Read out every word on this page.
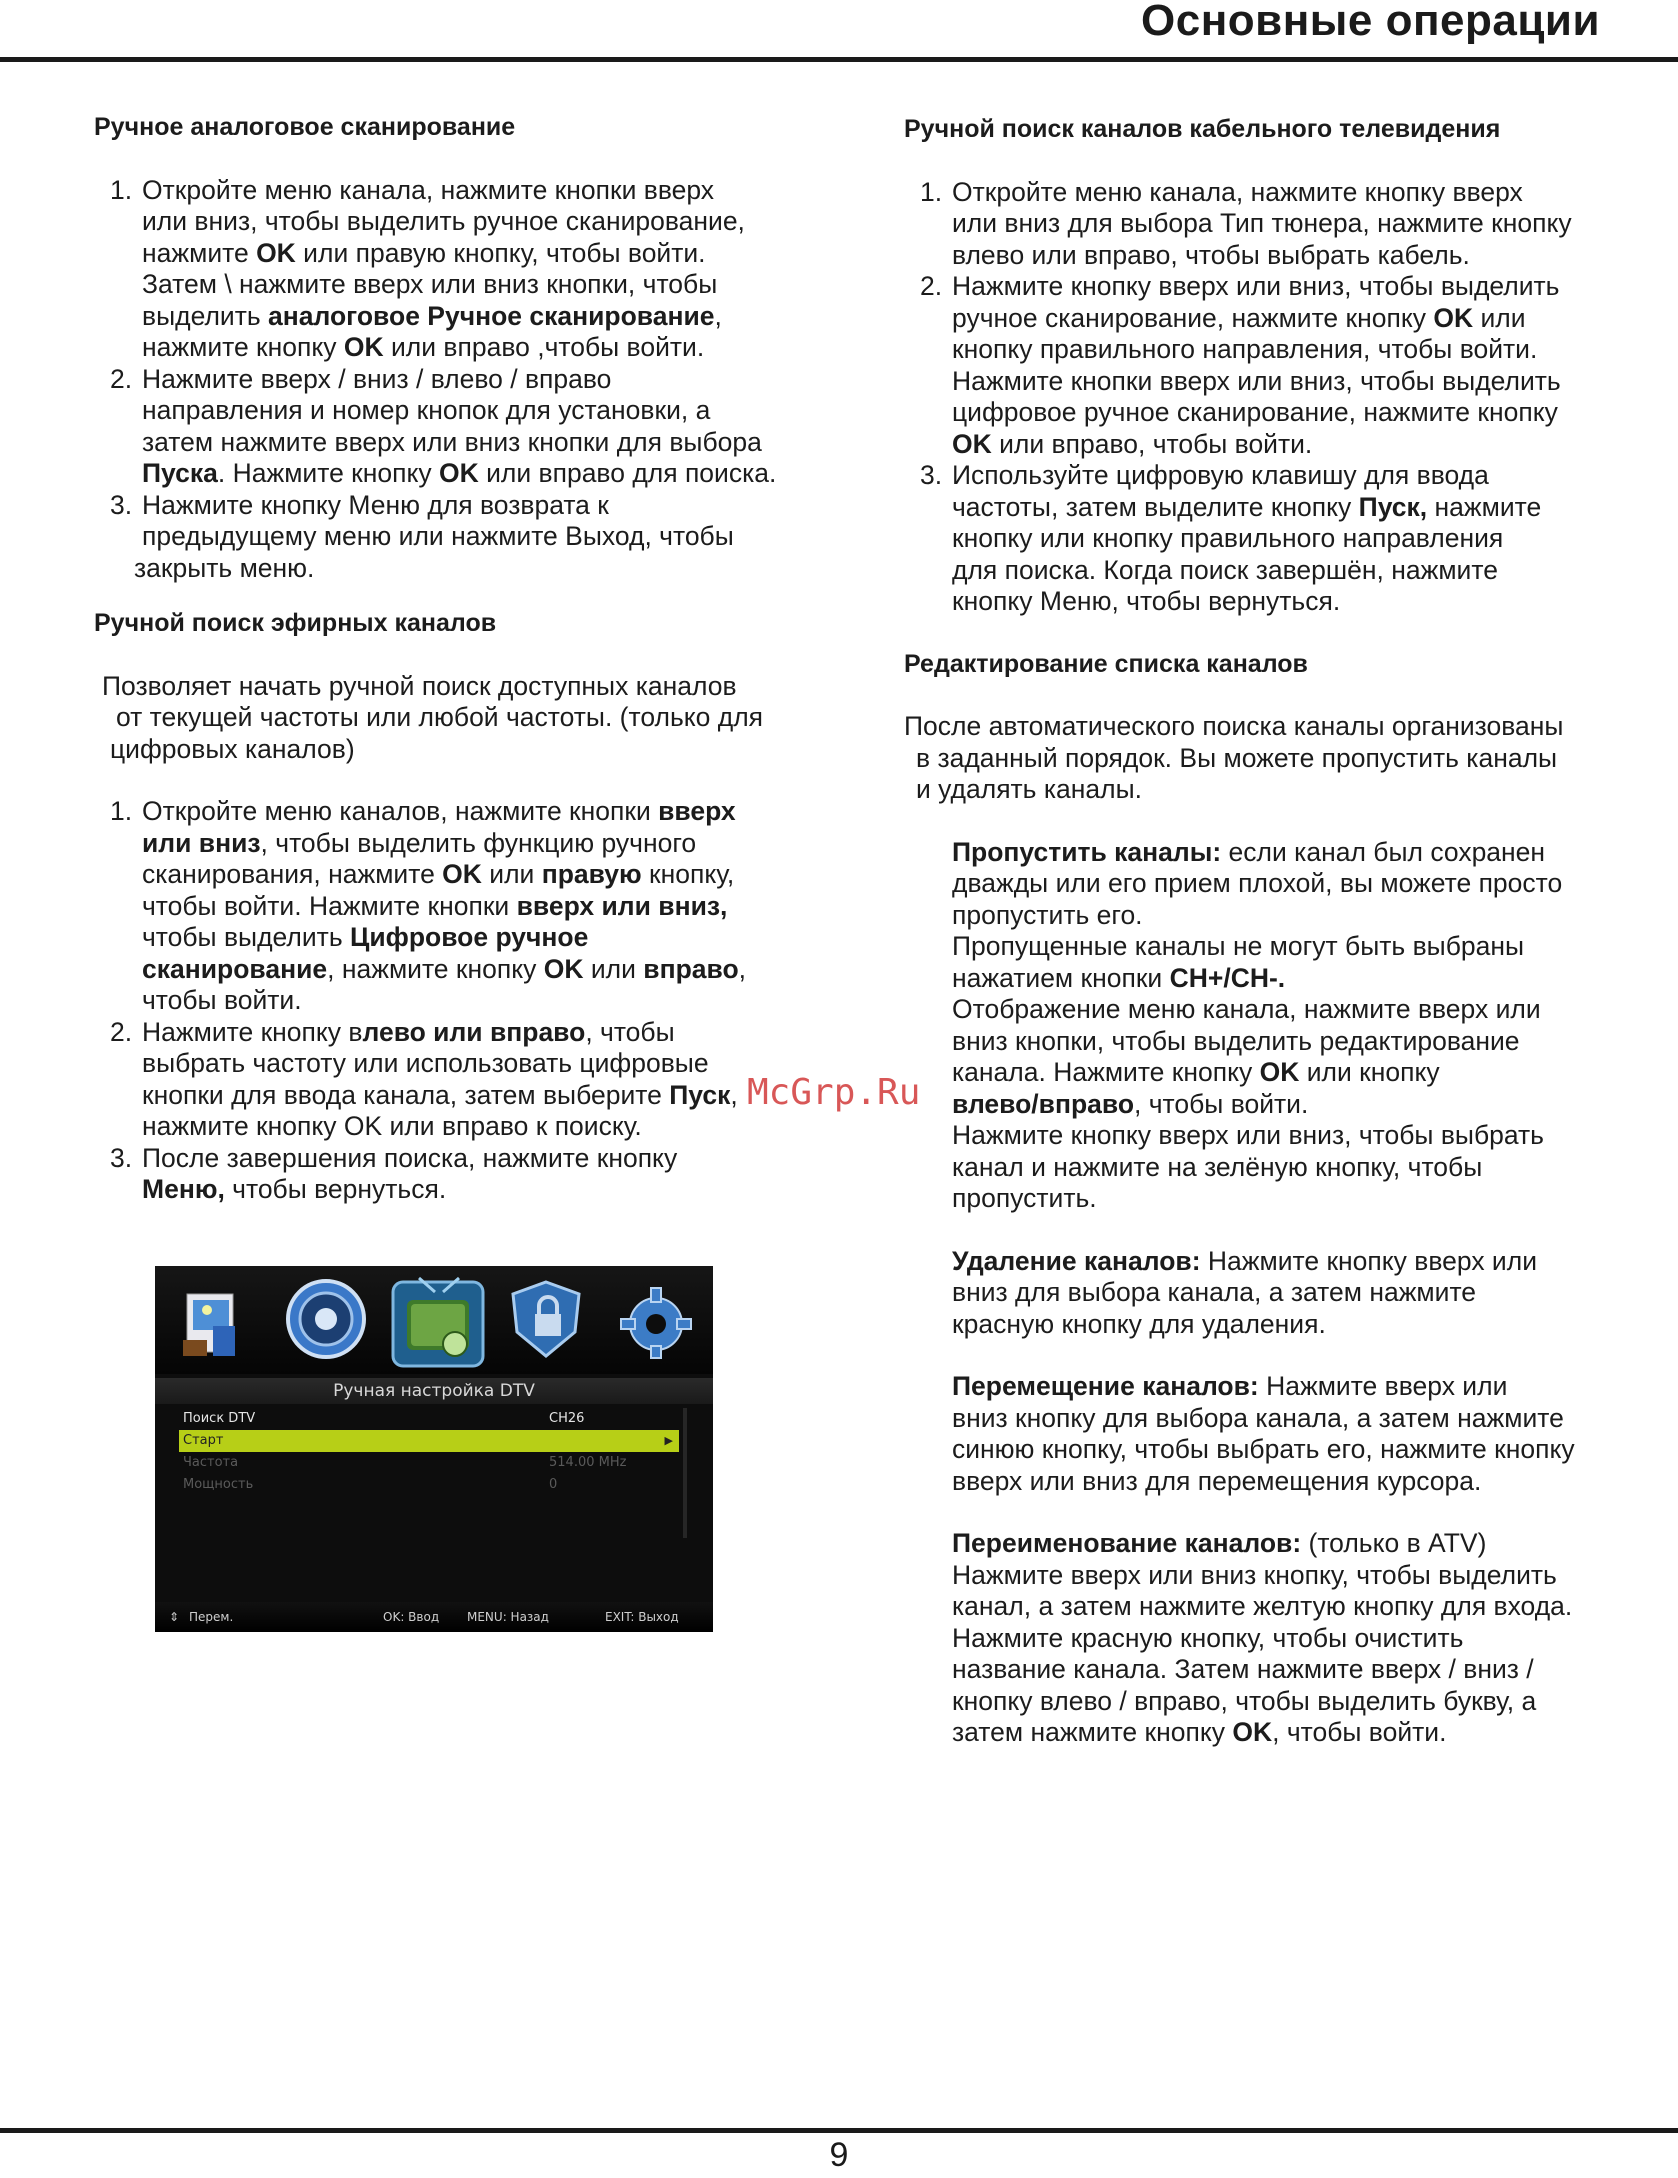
Основные операции

Ручное аналоговое сканирование

1. Откройте меню канала, нажмите кнопки вверх
или вниз, чтобы выделить ручное сканирование,
нажмите OK или правую кнопку, чтобы войти.
Затем \ нажмите вверх или вниз кнопки, чтобы
выделить аналоговое Ручное сканирование,
нажмите кнопку OK или вправо ,чтобы войти.
2. Нажмите вверх / вниз / влево / вправо
направления и номер кнопок для установки, а
затем нажмите вверх или вниз кнопки для выбора
Пуска. Нажмите кнопку OK или вправо для поиска.
3. Нажмите кнопку Меню для возврата к
предыдущему меню или нажмите Выход, чтобы
закрыть меню.

Ручной поиск эфирных каналов

Позволяет начать ручной поиск доступных каналов
от текущей частоты или любой частоты. (только для
цифровых каналов)

1. Откройте меню каналов, нажмите кнопки вверх
или вниз, чтобы выделить функцию ручного
сканирования, нажмите OK или правую кнопку,
чтобы войти. Нажмите кнопки вверх или вниз,
чтобы выделить Цифровое ручное
сканирование, нажмите кнопку OK или вправо,
чтобы войти.
2. Нажмите кнопку влево или вправо, чтобы
выбрать частоту или использовать цифровые
кнопки для ввода канала, затем выберите Пуск,
нажмите кнопку OK или вправо к поиску.
3. После завершения поиска, нажмите кнопку
Меню, чтобы вернуться.
Ручная настройка DTV
Поиск DTV	CH26
Старт	▶
Частота	514.00 MHz
Мощность	0
⇕ Перем.	OK: Ввод MENU: Назад	EXIT: Выход

Ручной поиск каналов кабельного телевидения

1. Откройте меню канала, нажмите кнопку вверх
или вниз для выбора Тип тюнера, нажмите кнопку
влево или вправо, чтобы выбрать кабель.
2. Нажмите кнопку вверх или вниз, чтобы выделить
ручное сканирование, нажмите кнопку OK или
кнопку правильного направления, чтобы войти.
Нажмите кнопки вверх или вниз, чтобы выделить
цифровое ручное сканирование, нажмите кнопку
OK или вправо, чтобы войти.
3. Используйте цифровую клавишу для ввода
частоты, затем выделите кнопку Пуск, нажмите
кнопку или кнопку правильного направления
для поиска. Когда поиск завершён, нажмите
кнопку Меню, чтобы вернуться.

Редактирование списка каналов

После автоматического поиска каналы организованы
в заданный порядок. Вы можете пропустить каналы
и удалять каналы.

Пропустить каналы: если канал был сохранен
дважды или его прием плохой, вы можете просто
пропустить его.
Пропущенные каналы не могут быть выбраны
нажатием кнопки CH+/CH-.
Отображение меню канала, нажмите вверх или
вниз кнопки, чтобы выделить редактирование
канала. Нажмите кнопку OK или кнопку
влево/вправо, чтобы войти.
Нажмите кнопку вверх или вниз, чтобы выбрать
канал и нажмите на зелёную кнопку, чтобы
пропустить.

Удаление каналов: Нажмите кнопку вверх или
вниз для выбора канала, а затем нажмите
красную кнопку для удаления.

Перемещение каналов: Нажмите вверх или
вниз кнопку для выбора канала, а затем нажмите
синюю кнопку, чтобы выбрать его, нажмите кнопку
вверх или вниз для перемещения курсора.

Переименование каналов: (только в ATV)
Нажмите вверх или вниз кнопку, чтобы выделить
канал, а затем нажмите желтую кнопку для входа.
Нажмите красную кнопку, чтобы очистить
название канала. Затем нажмите вверх / вниз /
кнопку влево / вправо, чтобы выделить букву, а
затем нажмите кнопку OK, чтобы войти.

McGrp.Ru
9
